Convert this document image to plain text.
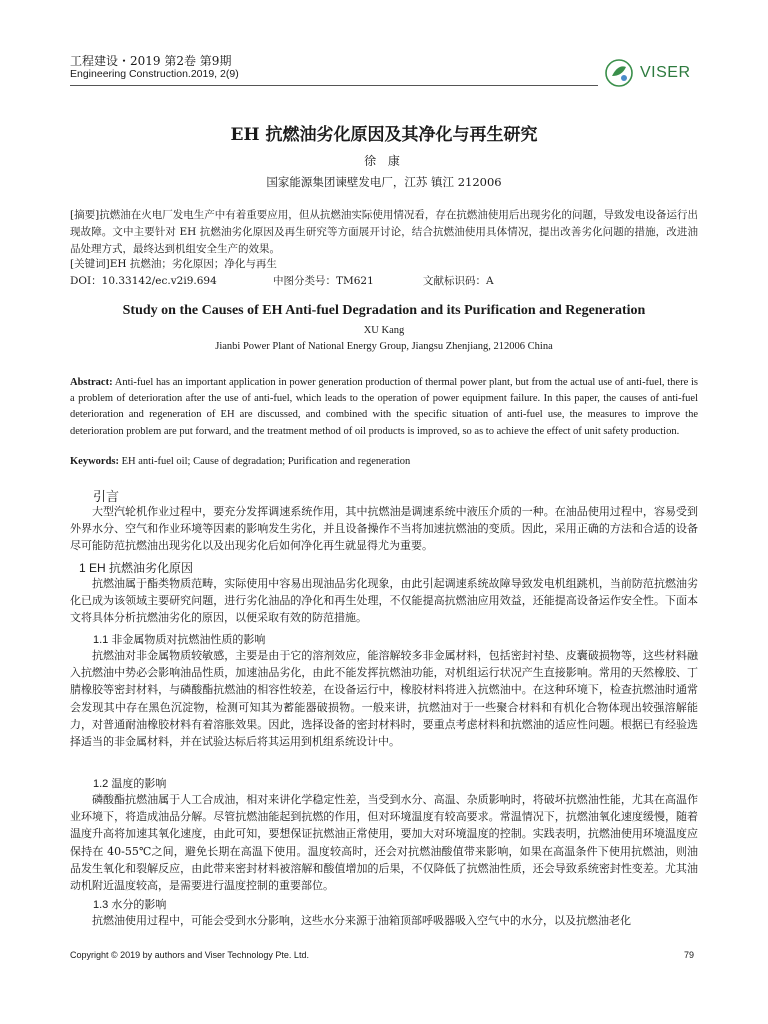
工程建设・2019 第2卷 第9期
Engineering Construction.2019, 2(9)	VISER
EH 抗燃油劣化原因及其净化与再生研究
徐 康
国家能源集团谏壁发电厂，江苏 镇江 212006
[摘要]抗燃油在火电厂发电生产中有着重要应用，但从抗燃油实际使用情况看，存在抗燃油使用后出现劣化的问题，导致发电设备运行出现故障。文中主要针对 EH 抗燃油劣化原因及再生研究等方面展开讨论，结合抗燃油使用具体情况，提出改善劣化问题的措施，改进油品处理方式，最终达到机组安全生产的效果。
[关键词]EH 抗燃油；劣化原因；净化与再生
DOI：10.33142/ec.v2i9.694	中图分类号：TM621	文献标识码：A
Study on the Causes of EH Anti-fuel Degradation and its Purification and Regeneration
XU Kang
Jianbi Power Plant of National Energy Group, Jiangsu Zhenjiang, 212006 China
Abstract: Anti-fuel has an important application in power generation production of thermal power plant, but from the actual use of anti-fuel, there is a problem of deterioration after the use of anti-fuel, which leads to the operation of power equipment failure. In this paper, the causes of anti-fuel deterioration and regeneration of EH are discussed, and combined with the specific situation of anti-fuel use, the measures to improve the deterioration problem are put forward, and the treatment method of oil products is improved, so as to achieve the effect of unit safety production.
Keywords: EH anti-fuel oil; Cause of degradation; Purification and regeneration
引言
大型汽轮机作业过程中，要充分发挥调速系统作用，其中抗燃油是调速系统中液压介质的一种。在油品使用过程中，容易受到外界水分、空气和作业环境等因素的影响发生劣化，并且设备操作不当将加速抗燃油的变质。因此，采用正确的方法和合适的设备尽可能防范抗燃油出现劣化以及出现劣化后如何净化再生就显得尤为重要。
1 EH 抗燃油劣化原因
抗燃油属于酯类物质范畴，实际使用中容易出现油品劣化现象，由此引起调速系统故障导致发电机组跳机，当前防范抗燃油劣化已成为该领域主要研究问题，进行劣化油品的净化和再生处理，不仅能提高抗燃油应用效益，还能提高设备运作安全性。下面本文将具体分析抗燃油劣化的原因，以便采取有效的防范措施。
1.1 非金属物质对抗燃油性质的影响
抗燃油对非金属物质较敏感，主要是由于它的溶剂效应，能溶解较多非金属材料，包括密封衬垫、皮囊破损物等，这些材料融入抗燃油中势必会影响油品性质，加速油品劣化，由此不能发挥抗燃油功能，对机组运行状况产生直接影响。常用的天然橡胶、丁腈橡胶等密封材料，与磷酸酯抗燃油的相容性较差，在设备运行中，橡胶材料将进入抗燃油中。在这种环境下，检查抗燃油时通常会发现其中存在黑色沉淀物，检测可知其为蓄能器破损物。一般来讲，抗燃油对于一些聚合材料和有机化合物体现出较强溶解能力，对普通耐油橡胶材料有着溶胀效果。因此，选择设备的密封材料时，要重点考虑材料和抗燃油的适应性问题。根据已有经验选择适当的非金属材料，并在试验达标后将其运用到机组系统设计中。
1.2 温度的影响
磷酸酯抗燃油属于人工合成油，相对来讲化学稳定性差，当受到水分、高温、杂质影响时，将破坏抗燃油性能，尤其在高温作业环境下，将造成油品分解。尽管抗燃油能起到抗燃的作用，但对环境温度有较高要求。常温情况下，抗燃油氧化速度缓慢，随着温度升高将加速其氧化速度，由此可知，要想保证抗燃油正常使用，要加大对环境温度的控制。实践表明，抗燃油使用环境温度应保持在 40-55℃之间，避免长期在高温下使用。温度较高时，还会对抗燃油酸值带来影响，如果在高温条件下使用抗燃油，则油品发生氧化和裂解反应，由此带来密封材料被溶解和酸值增加的后果，不仅降低了抗燃油性质，还会导致系统密封性变差。尤其油动机附近温度较高，是需要进行温度控制的重要部位。
1.3 水分的影响
抗燃油使用过程中，可能会受到水分影响，这些水分来源于油箱顶部呼吸器吸入空气中的水分，以及抗燃油老化
Copyright © 2019 by authors and Viser Technology Pte. Ltd.	79
